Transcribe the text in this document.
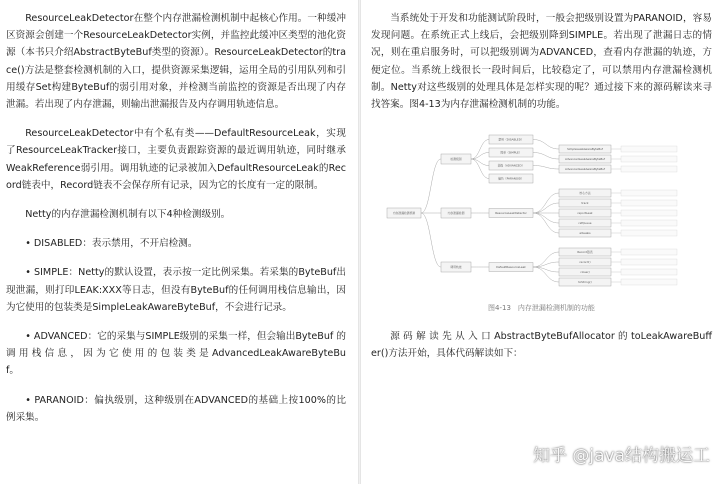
ResourceLeakDetector在整个内存泄漏检测机制中起核心作用。一种缓冲区资源会创建一个ResourceLeakDetector实例，并监控此缓冲区类型的池化资源（本书只介绍AbstractByteBuf类型的资源）。ResourceLeakDetector的trace()方法是整套检测机制的入口，提供资源采集逻辑，运用全局的引用队列和引用缓存Set构建ByteBuf的弱引用对象，并检测当前监控的资源是否出现了内存泄漏。若出现了内存泄漏，则输出泄漏报告及内存调用轨迹信息。

ResourceLeakDetector中有个私有类——DefaultResourceLeak，实现了ResourceLeakTracker接口，主要负责跟踪资源的最近调用轨迹，同时继承WeakReference弱引用。调用轨迹的记录被加入DefaultResourceLeak的Record链表中，Record链表不会保存所有记录，因为它的长度有一定的限制。

Netty的内存泄漏检测机制有以下4种检测级别。

• DISABLED：表示禁用，不开启检测。

• SIMPLE：Netty的默认设置，表示按一定比例采集。若采集的ByteBuf出现泄漏，则打印LEAK:XXX等日志，但没有ByteBuf的任何调用栈信息输出，因为它使用的包装类是SimpleLeakAwareByteBuf，不会进行记录。

• ADVANCED：它的采集与SIMPLE级别的采集一样，但会输出ByteBuf 的 调 用 栈 信 息 ， 因 为 它 使 用 的 包 装 类 是 AdvancedLeakAwareByteBuf。

• PARANOID：偏执级别，这种级别在ADVANCED的基础上按100%的比例采集。

当系统处于开发和功能测试阶段时，一般会把级别设置为PARANOID，容易发现问题。在系统正式上线后，会把级别降到SIMPLE。若出现了泄漏日志的情况，则在重启服务时，可以把级别调为ADVANCED，查看内存泄漏的轨迹，方便定位。当系统上线很长一段时间后，比较稳定了，可以禁用内存泄漏检测机制。Netty对这些级别的处理具体是怎样实现的呢？通过接下来的源码解读来寻找答案。图4-13为内存泄漏检测机制的功能。

内存泄漏检测机制
检测级别
禁用（DISABLED）
简单（SIMPLE）
高级（ADVANCED）
偏执（PARANOID）
SimpleLeakAwareByteBuf
AdvancedLeakAwareByteBuf
AdvancedLeakAwareByteBuf
内存泄漏检测	ResourceLeakDetector
核心方法
track
reportLeak
refQueue
allLeaks
调用轨迹	DefaultResourceLeak
Record链表
record()
close()
toString()
图4-13　内存泄漏检测机制的功能

源 码 解 读 先 从 入 口 AbstractByteBufAllocator 的 toLeakAwareBuffer()方法开始，具体代码解读如下：

知乎 @java结构搬运工
